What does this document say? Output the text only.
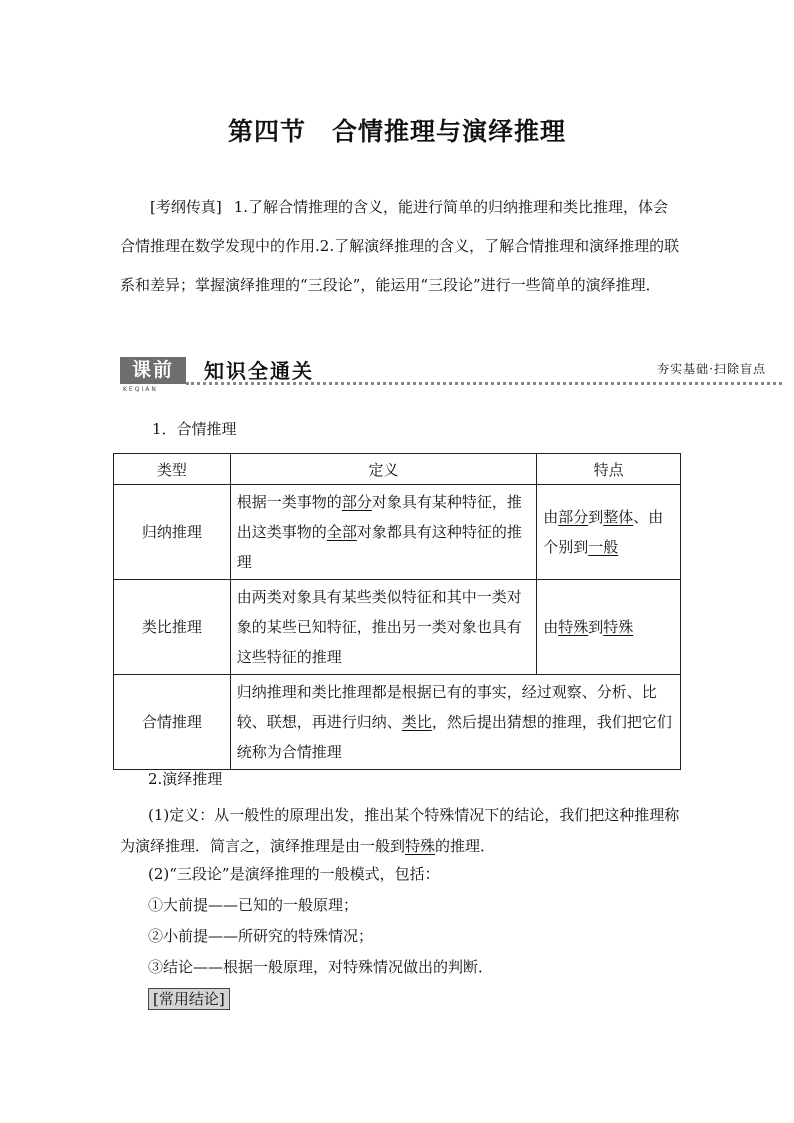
第四节　合情推理与演绎推理
[考纲传真] 1.了解合情推理的含义，能进行简单的归纳推理和类比推理，体会合情推理在数学发现中的作用.2.了解演绎推理的含义，了解合情推理和演绎推理的联系和差异；掌握演绎推理的“三段论”，能运用“三段论”进行一些简单的演绎推理．
课前
KEQIAN
知识全通关	夯实基础·扫除盲点
1．合情推理
类型	定义	特点
归纳推理	根据一类事物的部分对象具有某种特征，推出这类事物的全部对象都具有这种特征的推理	由部分到整体、由个别到一般
类比推理	由两类对象具有某些类似特征和其中一类对象的某些已知特征，推出另一类对象也具有这些特征的推理	由特殊到特殊
合情推理	归纳推理和类比推理都是根据已有的事实，经过观察、分析、比较、联想，再进行归纳、类比，然后提出猜想的推理，我们把它们统称为合情推理	
2.演绎推理
(1)定义：从一般性的原理出发，推出某个特殊情况下的结论，我们把这种推理称为演绎推理．简言之，演绎推理是由一般到特殊的推理．
(2)“三段论”是演绎推理的一般模式，包括：
①大前提——已知的一般原理；
②小前提——所研究的特殊情况；
③结论——根据一般原理，对特殊情况做出的判断．
[常用结论]
